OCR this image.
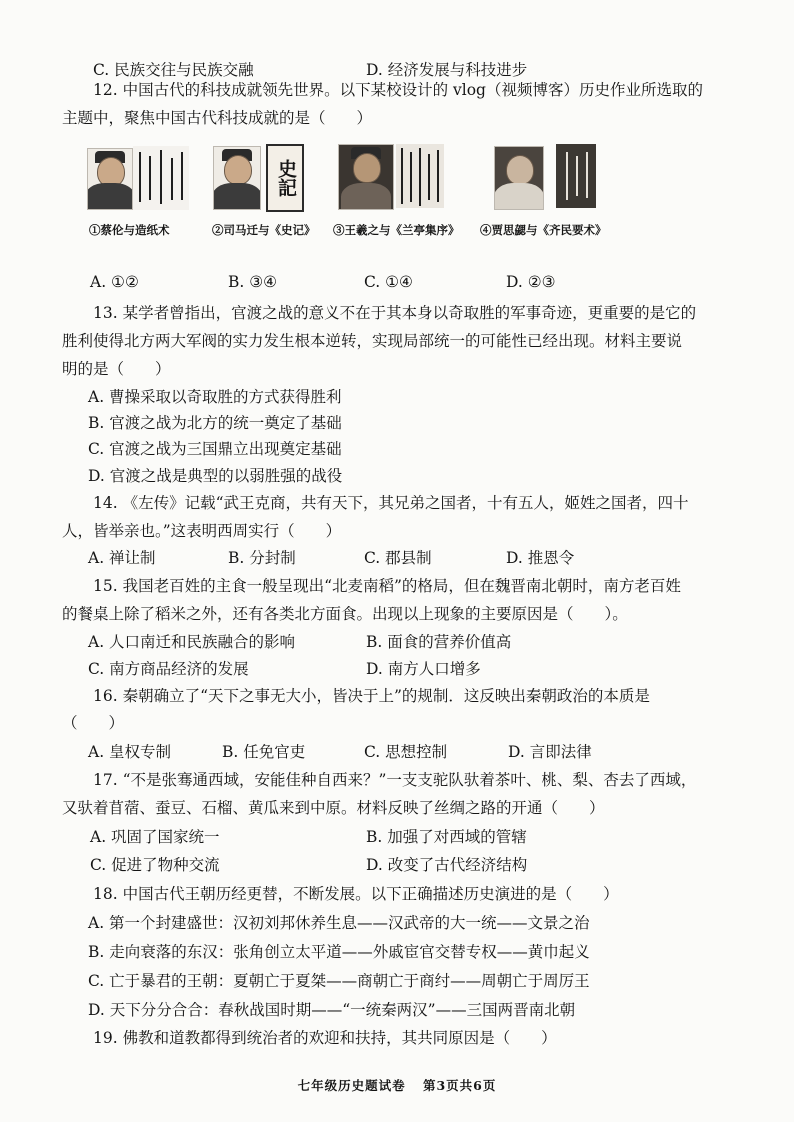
C. 民族交往与民族交融	D. 经济发展与科技进步
12. 中国古代的科技成就领先世界。以下某校设计的 vlog（视频博客）历史作业所选取的
主题中，聚焦中国古代科技成就的是（　　）
史記
①蔡伦与造纸术	②司马迁与《史记》 ③王羲之与《兰亭集序》 ④贾思勰与《齐民要术》
A. ①②	B. ③④	C. ①④	D. ②③
13. 某学者曾指出，官渡之战的意义不在于其本身以奇取胜的军事奇迹，更重要的是它的
胜利使得北方两大军阀的实力发生根本逆转，实现局部统一的可能性已经出现。材料主要说
明的是（　　）
A. 曹操采取以奇取胜的方式获得胜利
B. 官渡之战为北方的统一奠定了基础
C. 官渡之战为三国鼎立出现奠定基础
D. 官渡之战是典型的以弱胜强的战役
14. 《左传》记载“武王克商，共有天下，其兄弟之国者，十有五人，姬姓之国者，四十
人，皆举亲也。”这表明西周实行（　　）
A. 禅让制	B. 分封制	C. 郡县制	D. 推恩令
15. 我国老百姓的主食一般呈现出“北麦南稻”的格局，但在魏晋南北朝时，南方老百姓
的餐桌上除了稻米之外，还有各类北方面食。出现以上现象的主要原因是（　　）。
A. 人口南迁和民族融合的影响	B. 面食的营养价值高
C. 南方商品经济的发展	D. 南方人口增多
16. 秦朝确立了“天下之事无大小，皆决于上”的规制．这反映出秦朝政治的本质是
（　　）
A. 皇权专制	B. 任免官吏	C. 思想控制	D. 言即法律
17. “不是张骞通西域，安能佳种自西来？”一支支驼队驮着茶叶、桃、梨、杏去了西域，
又驮着苜蓿、蚕豆、石榴、黄瓜来到中原。材料反映了丝绸之路的开通（　　）
A. 巩固了国家统一	B. 加强了对西域的管辖
C. 促进了物种交流	D. 改变了古代经济结构
18. 中国古代王朝历经更替，不断发展。以下正确描述历史演进的是（　　）
A. 第一个封建盛世：汉初刘邦休养生息——汉武帝的大一统——文景之治
B. 走向衰落的东汉：张角创立太平道——外戚宦官交替专权——黄巾起义
C. 亡于暴君的王朝：夏朝亡于夏桀——商朝亡于商纣——周朝亡于周厉王
D. 天下分分合合：春秋战国时期——“一统秦两汉”——三国两晋南北朝
19. 佛教和道教都得到统治者的欢迎和扶持，其共同原因是（　　）
七年级历史题试卷 第3页共6页
